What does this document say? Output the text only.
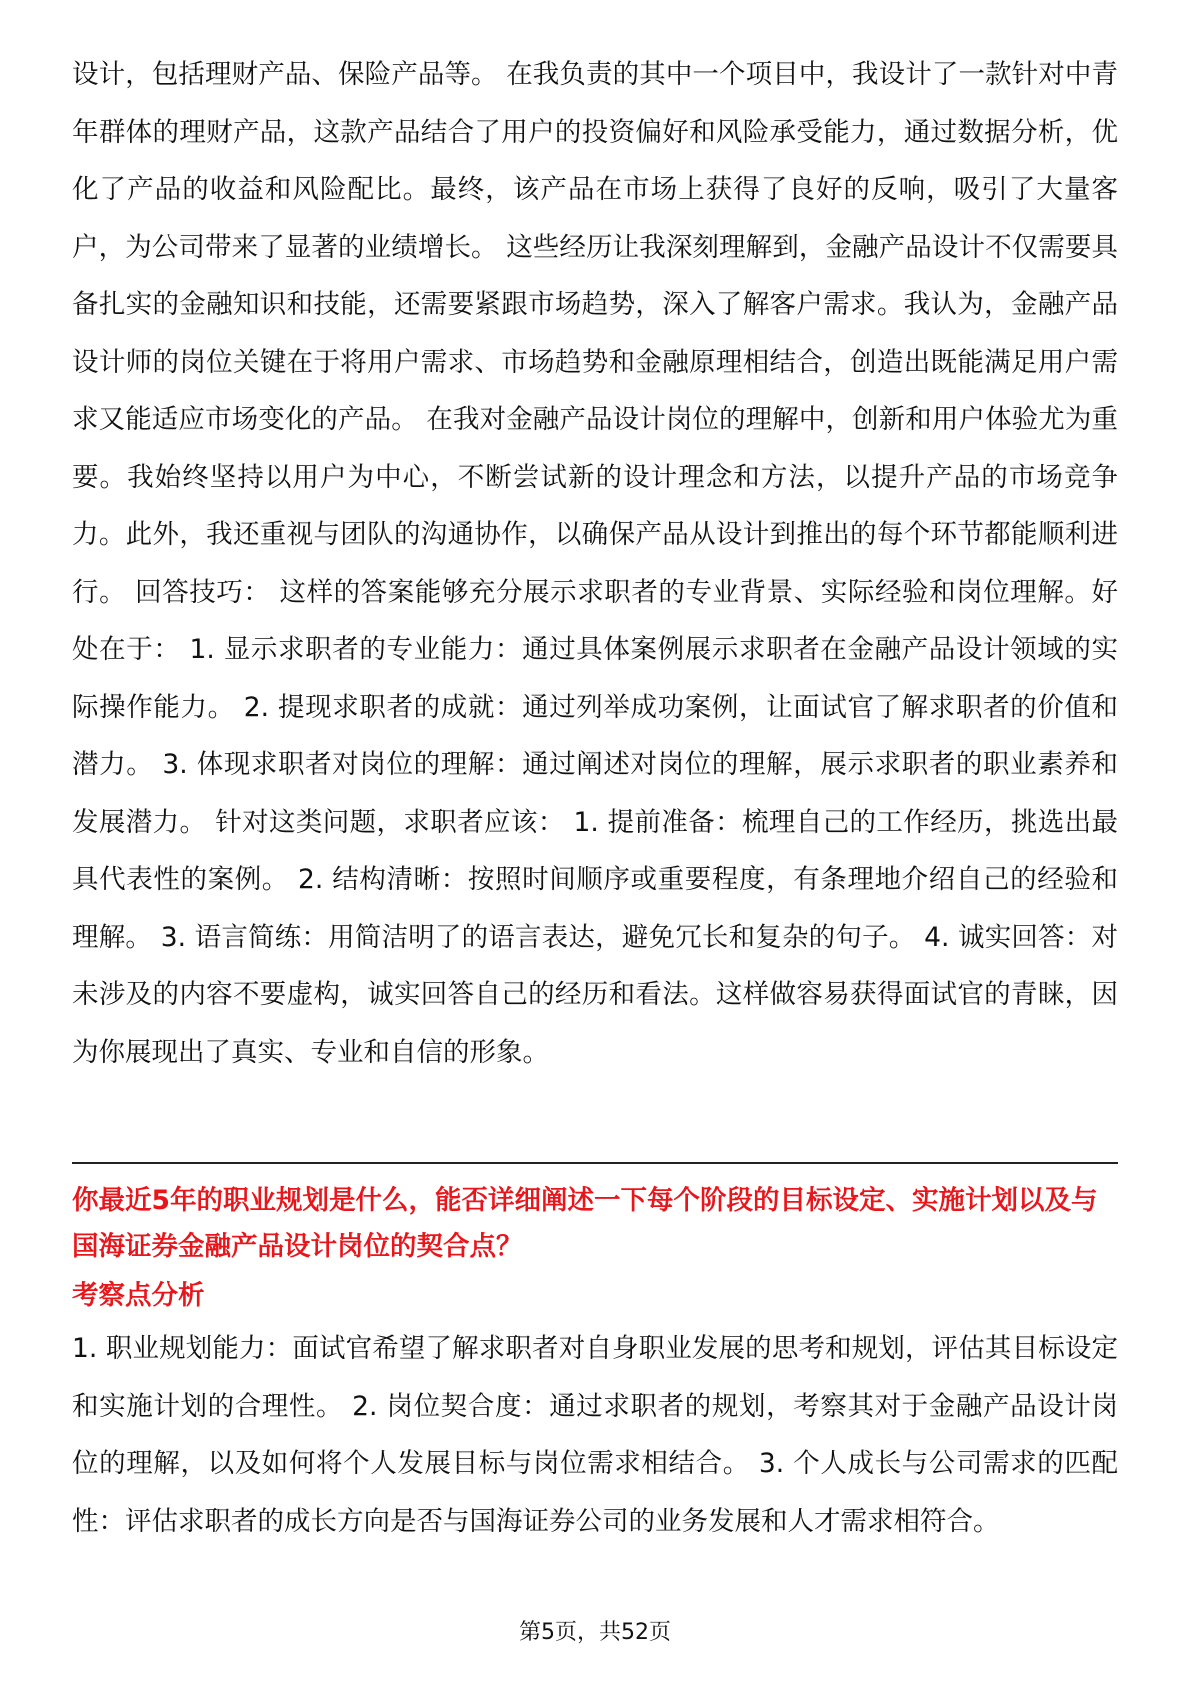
设计，包括理财产品、保险产品等。 在我负责的其中一个项目中，我设计了一款针对中青年群体的理财产品，这款产品结合了用户的投资偏好和风险承受能力，通过数据分析，优化了产品的收益和风险配比。最终，该产品在市场上获得了良好的反响，吸引了大量客户，为公司带来了显著的业绩增长。 这些经历让我深刻理解到，金融产品设计不仅需要具备扎实的金融知识和技能，还需要紧跟市场趋势，深入了解客户需求。我认为，金融产品设计师的岗位关键在于将用户需求、市场趋势和金融原理相结合，创造出既能满足用户需求又能适应市场变化的产品。 在我对金融产品设计岗位的理解中，创新和用户体验尤为重要。我始终坚持以用户为中心，不断尝试新的设计理念和方法，以提升产品的市场竞争力。此外，我还重视与团队的沟通协作，以确保产品从设计到推出的每个环节都能顺利进行。 回答技巧： 这样的答案能够充分展示求职者的专业背景、实际经验和岗位理解。好处在于： 1. 显示求职者的专业能力：通过具体案例展示求职者在金融产品设计领域的实际操作能力。 2. 提现求职者的成就：通过列举成功案例，让面试官了解求职者的价值和潜力。 3. 体现求职者对岗位的理解：通过阐述对岗位的理解，展示求职者的职业素养和发展潜力。 针对这类问题，求职者应该： 1. 提前准备：梳理自己的工作经历，挑选出最具代表性的案例。 2. 结构清晰：按照时间顺序或重要程度，有条理地介绍自己的经验和理解。 3. 语言简练：用简洁明了的语言表达，避免冗长和复杂的句子。 4. 诚实回答：对未涉及的内容不要虚构，诚实回答自己的经历和看法。这样做容易获得面试官的青睐，因为你展现出了真实、专业和自信的形象。

你最近5年的职业规划是什么，能否详细阐述一下每个阶段的目标设定、实施计划以及与国海证券金融产品设计岗位的契合点？

考察点分析

1. 职业规划能力：面试官希望了解求职者对自身职业发展的思考和规划，评估其目标设定和实施计划的合理性。 2. 岗位契合度：通过求职者的规划，考察其对于金融产品设计岗位的理解，以及如何将个人发展目标与岗位需求相结合。 3. 个人成长与公司需求的匹配性：评估求职者的成长方向是否与国海证券公司的业务发展和人才需求相符合。

第5页，共52页
